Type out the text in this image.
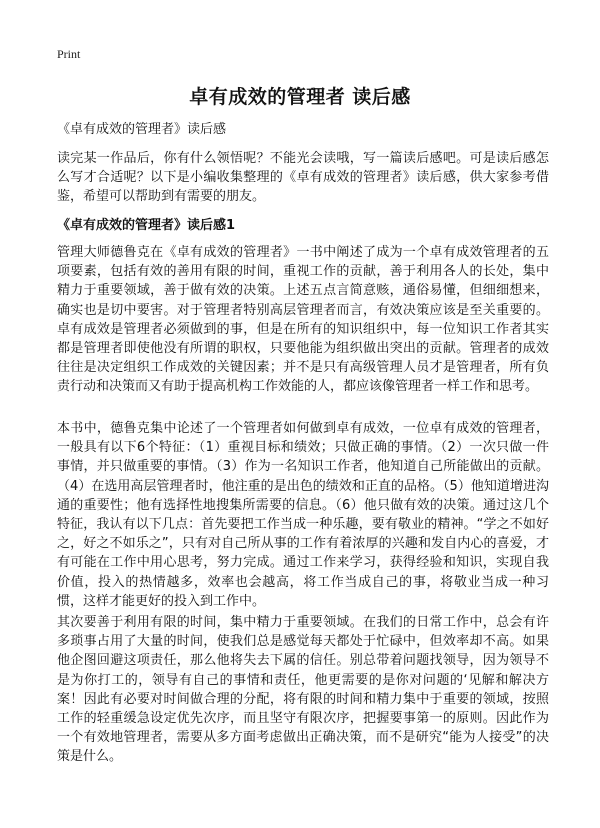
Print
卓有成效的管理者 读后感

《卓有成效的管理者》读后感

读完某一作品后，你有什么领悟呢？不能光会读哦，写一篇读后感吧。可是读后感怎么写才合适呢？以下是小编收集整理的《卓有成效的管理者》读后感，供大家参考借鉴，希望可以帮助到有需要的朋友。

《卓有成效的管理者》读后感1

管理大师德鲁克在《卓有成效的管理者》一书中阐述了成为一个卓有成效管理者的五项要素，包括有效的善用有限的时间，重视工作的贡献，善于利用各人的长处，集中精力于重要领域，善于做有效的决策。上述五点言简意赅，通俗易懂，但细细想来，确实也是切中要害。对于管理者特别高层管理者而言，有效决策应该是至关重要的。卓有成效是管理者必须做到的事，但是在所有的知识组织中，每一位知识工作者其实都是管理者即使他没有所谓的职权，只要他能为组织做出突出的贡献。管理者的成效往往是决定组织工作成效的关键因素；并不是只有高级管理人员才是管理者，所有负责行动和决策而又有助于提高机构工作效能的人，都应该像管理者一样工作和思考。

本书中，德鲁克集中论述了一个管理者如何做到卓有成效，一位卓有成效的管理者，一般具有以下6个特征：（1）重视目标和绩效；只做正确的事情。（2）一次只做一件事情，并只做重要的事情。（3）作为一名知识工作者，他知道自己所能做出的贡献。（4）在选用高层管理者时，他注重的是出色的绩效和正直的品格。（5）他知道增进沟通的重要性；他有选择性地搜集所需要的信息。（6）他只做有效的决策。通过这几个特征，我认有以下几点：首先要把工作当成一种乐趣，要有敬业的精神。“学之不如好之，好之不如乐之”，只有对自己所从事的工作有着浓厚的兴趣和发自内心的喜爱，才有可能在工作中用心思考，努力完成。通过工作来学习，获得经验和知识，实现自我价值，投入的热情越多，效率也会越高，将工作当成自己的事，将敬业当成一种习惯，这样才能更好的投入到工作中。

其次要善于利用有限的时间，集中精力于重要领域。在我们的日常工作中，总会有许多琐事占用了大量的时间，使我们总是感觉每天都处于忙碌中，但效率却不高。如果他企图回避这项责任，那么他将失去下属的信任。别总带着问题找领导，因为领导不是为你打工的，领导有自己的事情和责任，他更需要的是你对问题的‘见解和解决方案！因此有必要对时间做合理的分配，将有限的时间和精力集中于重要的领域，按照工作的轻重缓急设定优先次序，而且坚守有限次序，把握要事第一的原则。因此作为一个有效地管理者，需要从多方面考虑做出正确决策，而不是研究“能为人接受”的决策是什么。
